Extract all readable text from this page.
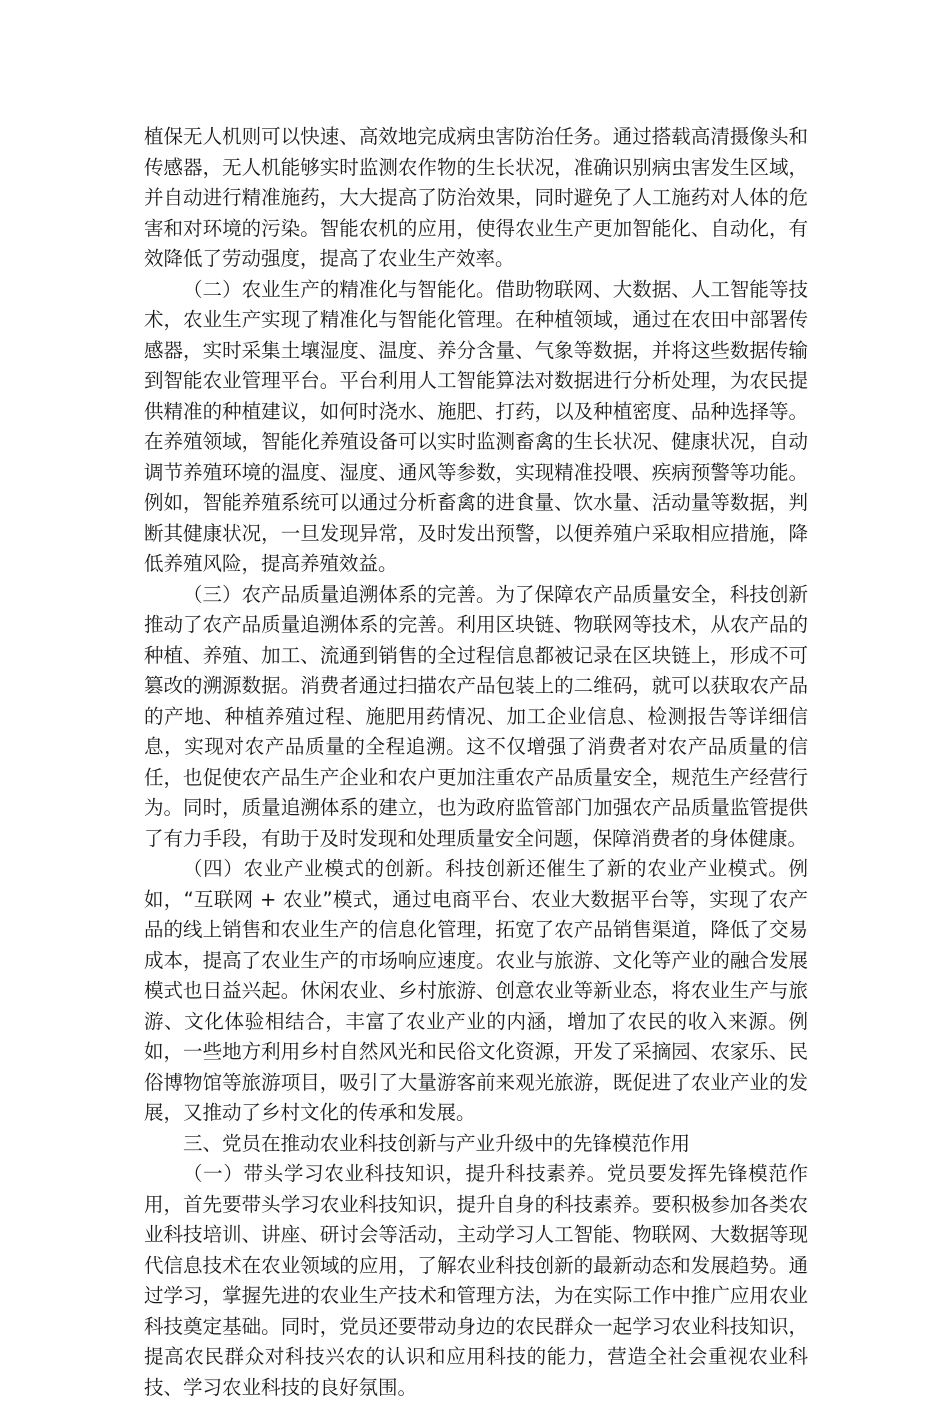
植保无人机则可以快速、高效地完成病虫害防治任务。通过搭载高清摄像头和传感器，无人机能够实时监测农作物的生长状况，准确识别病虫害发生区域，并自动进行精准施药，大大提高了防治效果，同时避免了人工施药对人体的危害和对环境的污染。智能农机的应用，使得农业生产更加智能化、自动化，有效降低了劳动强度，提高了农业生产效率。

（二）农业生产的精准化与智能化。借助物联网、大数据、人工智能等技术，农业生产实现了精准化与智能化管理。在种植领域，通过在农田中部署传感器，实时采集土壤湿度、温度、养分含量、气象等数据，并将这些数据传输到智能农业管理平台。平台利用人工智能算法对数据进行分析处理，为农民提供精准的种植建议，如何时浇水、施肥、打药，以及种植密度、品种选择等。在养殖领域，智能化养殖设备可以实时监测畜禽的生长状况、健康状况，自动调节养殖环境的温度、湿度、通风等参数，实现精准投喂、疾病预警等功能。例如，智能养殖系统可以通过分析畜禽的进食量、饮水量、活动量等数据，判断其健康状况，一旦发现异常，及时发出预警，以便养殖户采取相应措施，降低养殖风险，提高养殖效益。

（三）农产品质量追溯体系的完善。为了保障农产品质量安全，科技创新推动了农产品质量追溯体系的完善。利用区块链、物联网等技术，从农产品的种植、养殖、加工、流通到销售的全过程信息都被记录在区块链上，形成不可篡改的溯源数据。消费者通过扫描农产品包装上的二维码，就可以获取农产品的产地、种植养殖过程、施肥用药情况、加工企业信息、检测报告等详细信息，实现对农产品质量的全程追溯。这不仅增强了消费者对农产品质量的信任，也促使农产品生产企业和农户更加注重农产品质量安全，规范生产经营行为。同时，质量追溯体系的建立，也为政府监管部门加强农产品质量监管提供了有力手段，有助于及时发现和处理质量安全问题，保障消费者的身体健康。

（四）农业产业模式的创新。科技创新还催生了新的农业产业模式。例如，“互联网 + 农业”模式，通过电商平台、农业大数据平台等，实现了农产品的线上销售和农业生产的信息化管理，拓宽了农产品销售渠道，降低了交易成本，提高了农业生产的市场响应速度。农业与旅游、文化等产业的融合发展模式也日益兴起。休闲农业、乡村旅游、创意农业等新业态，将农业生产与旅游、文化体验相结合，丰富了农业产业的内涵，增加了农民的收入来源。例如，一些地方利用乡村自然风光和民俗文化资源，开发了采摘园、农家乐、民俗博物馆等旅游项目，吸引了大量游客前来观光旅游，既促进了农业产业的发展，又推动了乡村文化的传承和发展。

三、党员在推动农业科技创新与产业升级中的先锋模范作用

（一）带头学习农业科技知识，提升科技素养。党员要发挥先锋模范作用，首先要带头学习农业科技知识，提升自身的科技素养。要积极参加各类农业科技培训、讲座、研讨会等活动，主动学习人工智能、物联网、大数据等现代信息技术在农业领域的应用，了解农业科技创新的最新动态和发展趋势。通过学习，掌握先进的农业生产技术和管理方法，为在实际工作中推广应用农业科技奠定基础。同时，党员还要带动身边的农民群众一起学习农业科技知识，提高农民群众对科技兴农的认识和应用科技的能力，营造全社会重视农业科技、学习农业科技的良好氛围。
